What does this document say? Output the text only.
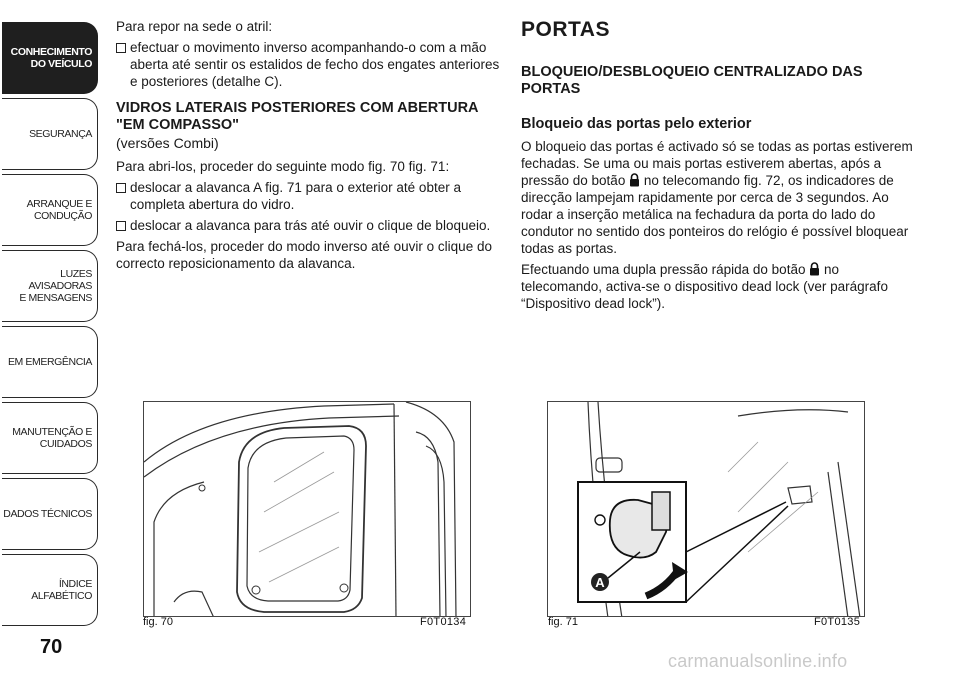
CONHECIMENTO
DO VEÍCULO
SEGURANÇA
ARRANQUE E
CONDUÇÃO
LUZES AVISADORAS
E MENSAGENS
EM EMERGÊNCIA
MANUTENÇÃO E
CUIDADOS
DADOS TÉCNICOS
ÍNDICE ALFABÉTICO
70

Para repor na sede o atril:

efectuar o movimento inverso acompanhando-o com a mão aberta até sentir os estalidos de fecho dos engates anteriores e posteriores (detalhe C).
VIDROS LATERAIS POSTERIORES COM ABERTURA "EM COMPASSO"
(versões Combi)

Para abri-los, proceder do seguinte modo fig. 70 fig. 71:

deslocar a alavanca A fig. 71 para o exterior até obter a completa abertura do vidro.
deslocar a alavanca para trás até ouvir o clique de bloqueio.

Para fechá-los, proceder do modo inverso até ouvir o clique do correcto reposicionamento da alavanca.

PORTAS
BLOQUEIO/DESBLOQUEIO CENTRALIZADO DAS PORTAS
Bloqueio das portas pelo exterior

O bloqueio das portas é activado só se todas as portas estiverem fechadas. Se uma ou mais portas estiverem abertas, após a pressão do botão no telecomando fig. 72, os indicadores de direcção lampejam rapidamente por cerca de 3 segundos. Ao rodar a inserção metálica na fechadura da porta do lado do condutor no sentido dos ponteiros do relógio é possível bloquear todas as portas.

Efectuando uma dupla pressão rápida do botão no telecomando, activa-se o dispositivo dead lock (ver parágrafo “Dispositivo dead lock”).

fig. 70	F0T0134
A
fig. 71	F0T0135
carmanualsonline.info
